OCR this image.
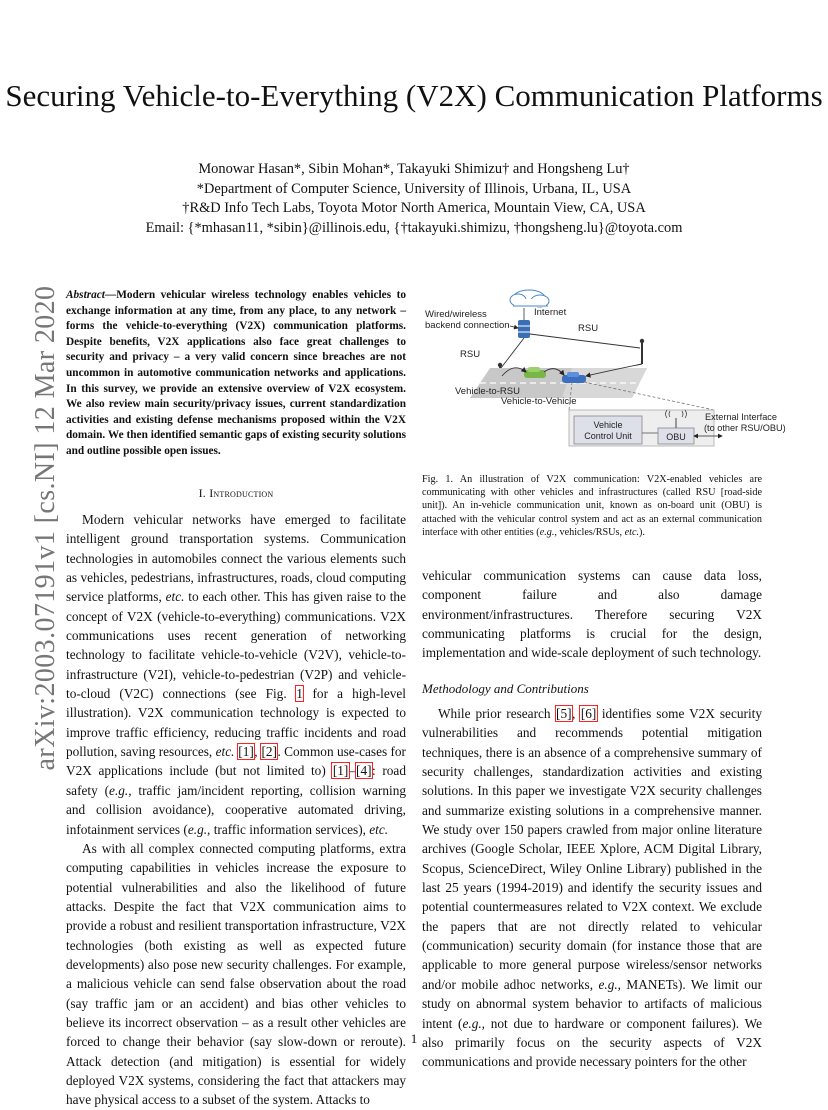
arXiv:2003.07191v1 [cs.NI] 12 Mar 2020
Securing Vehicle-to-Everything (V2X) Communication Platforms
Monowar Hasan*, Sibin Mohan*, Takayuki Shimizu† and Hongsheng Lu†
*Department of Computer Science, University of Illinois, Urbana, IL, USA
†R&D Info Tech Labs, Toyota Motor North America, Mountain View, CA, USA
Email: {*mhasan11, *sibin}@illinois.edu, {†takayuki.shimizu, †hongsheng.lu}@toyota.com
Abstract—Modern vehicular wireless technology enables vehicles to exchange information at any time, from any place, to any network – forms the vehicle-to-everything (V2X) communication platforms. Despite benefits, V2X applications also face great challenges to security and privacy – a very valid concern since breaches are not uncommon in automotive communication networks and applications. In this survey, we provide an extensive overview of V2X ecosystem. We also review main security/privacy issues, current standardization activities and existing defense mechanisms proposed within the V2X domain. We then identified semantic gaps of existing security solutions and outline possible open issues.
I. Introduction

Modern vehicular networks have emerged to facilitate intelligent ground transportation systems. Communication technologies in automobiles connect the various elements such as vehicles, pedestrians, infrastructures, roads, cloud computing service platforms, etc. to each other. This has given raise to the concept of V2X (vehicle-to-everything) communications. V2X communications uses recent generation of networking technology to facilitate vehicle-to-vehicle (V2V), vehicle-to-infrastructure (V2I), vehicle-to-pedestrian (V2P) and vehicle-to-cloud (V2C) connections (see Fig. 1 for a high-level illustration). V2X communication technology is expected to improve traffic efficiency, reducing traffic incidents and road pollution, saving resources, etc. [1], [2]. Common use-cases for V2X applications include (but not limited to) [1]–[4]: road safety (e.g., traffic jam/incident reporting, collision warning and collision avoidance), cooperative automated driving, infotainment services (e.g., traffic information services), etc.

As with all complex connected computing platforms, extra computing capabilities in vehicles increase the exposure to potential vulnerabilities and also the likelihood of future attacks. Despite the fact that V2X communication aims to provide a robust and resilient transportation infrastructure, V2X technologies (both existing as well as expected future developments) also pose new security challenges. For example, a malicious vehicle can send false observation about the road (say traffic jam or an accident) and bias other vehicles to believe its incorrect observation – as a result other vehicles are forced to change their behavior (say slow-down or reroute). Attack detection (and mitigation) is essential for widely deployed V2X systems, considering the fact that attackers may have physical access to a subset of the system. Attacks to

Internet
Wired/wireless
backend connection	RSU
RSU
Vehicle-to-RSU
Vehicle-to-Vehicle
Vehicle
Control Unit	OBU
External Interface
(to other RSU/OBU)
Fig. 1. An illustration of V2X communication: V2X-enabled vehicles are communicating with other vehicles and infrastructures (called RSU [road-side unit]). An in-vehicle communication unit, known as on-board unit (OBU) is attached with the vehicular control system and act as an external communication interface with other entities (e.g., vehicles/RSUs, etc.).

vehicular communication systems can cause data loss, component failure and also damage environment/infrastructures. Therefore securing V2X communicating platforms is crucial for the design, implementation and wide-scale deployment of such technology.

Methodology and Contributions

While prior research [5], [6] identifies some V2X security vulnerabilities and recommends potential mitigation techniques, there is an absence of a comprehensive summary of security challenges, standardization activities and existing solutions. In this paper we investigate V2X security challenges and summarize existing solutions in a comprehensive manner. We study over 150 papers crawled from major online literature archives (Google Scholar, IEEE Xplore, ACM Digital Library, Scopus, ScienceDirect, Wiley Online Library) published in the last 25 years (1994-2019) and identify the security issues and potential countermeasures related to V2X context. We exclude the papers that are not directly related to vehicular (communication) security domain (for instance those that are applicable to more general purpose wireless/sensor networks and/or mobile adhoc networks, e.g., MANETs). We limit our study on abnormal system behavior to artifacts of malicious intent (e.g., not due to hardware or component failures). We also primarily focus on the security aspects of V2X communications and provide necessary pointers for the other

1
